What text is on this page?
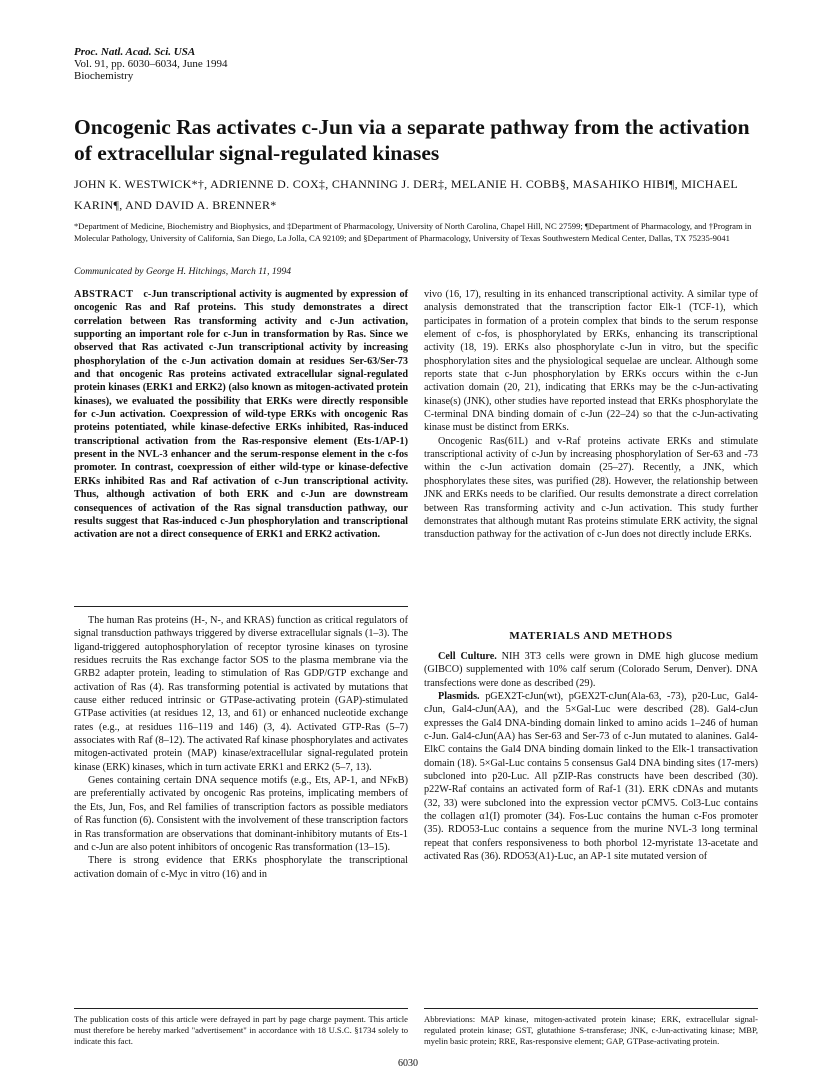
Proc. Natl. Acad. Sci. USA
Vol. 91, pp. 6030–6034, June 1994
Biochemistry
Oncogenic Ras activates c-Jun via a separate pathway from the activation of extracellular signal-regulated kinases
JOHN K. WESTWICK*†, ADRIENNE D. COX‡, CHANNING J. DER‡, MELANIE H. COBB§, MASAHIKO HIBI¶, MICHAEL KARIN¶, AND DAVID A. BRENNER*
*Department of Medicine, Biochemistry and Biophysics, and ‡Department of Pharmacology, University of North Carolina, Chapel Hill, NC 27599; ¶Department of Pharmacology, and †Program in Molecular Pathology, University of California, San Diego, La Jolla, CA 92109; and §Department of Pharmacology, University of Texas Southwestern Medical Center, Dallas, TX 75235-9041
Communicated by George H. Hitchings, March 11, 1994

ABSTRACT c-Jun transcriptional activity is augmented by expression of oncogenic Ras and Raf proteins. This study demonstrates a direct correlation between Ras transforming activity and c-Jun activation, supporting an important role for c-Jun in transformation by Ras. Since we observed that Ras activated c-Jun transcriptional activity by increasing phosphorylation of the c-Jun activation domain at residues Ser-63/Ser-73 and that oncogenic Ras proteins activated extracellular signal-regulated protein kinases (ERK1 and ERK2) (also known as mitogen-activated protein kinases), we evaluated the possibility that ERKs were directly responsible for c-Jun activation. Coexpression of wild-type ERKs with oncogenic Ras proteins potentiated, while kinase-defective ERKs inhibited, Ras-induced transcriptional activation from the Ras-responsive element (Ets-1/AP-1) present in the NVL-3 enhancer and the serum-response element in the c-fos promoter. In contrast, coexpression of either wild-type or kinase-defective ERKs inhibited Ras and Raf activation of c-Jun transcriptional activity. Thus, although activation of both ERK and c-Jun are downstream consequences of activation of the Ras signal transduction pathway, our results suggest that Ras-induced c-Jun phosphorylation and transcriptional activation are not a direct consequence of ERK1 and ERK2 activation.

The human Ras proteins (H-, N-, and KRAS) function as critical regulators of signal transduction pathways triggered by diverse extracellular signals (1–3). The ligand-triggered autophosphorylation of receptor tyrosine kinases on tyrosine residues recruits the Ras exchange factor SOS to the plasma membrane via the GRB2 adapter protein, leading to stimulation of Ras GDP/GTP exchange and activation of Ras (4). Ras transforming potential is activated by mutations that cause either reduced intrinsic or GTPase-activating protein (GAP)-stimulated GTPase activities (at residues 12, 13, and 61) or enhanced nucleotide exchange rates (e.g., at residues 116–119 and 146) (3, 4). Activated GTP-Ras (5–7) associates with Raf (8–12). The activated Raf kinase phosphorylates and activates mitogen-activated protein (MAP) kinase/extracellular signal-regulated protein kinase (ERK) kinases, which in turn activate ERK1 and ERK2 (5–7, 13).

Genes containing certain DNA sequence motifs (e.g., Ets, AP-1, and NFκB) are preferentially activated by oncogenic Ras proteins, implicating members of the Ets, Jun, Fos, and Rel families of transcription factors as possible mediators of Ras function (6). Consistent with the involvement of these transcription factors in Ras transformation are observations that dominant-inhibitory mutants of Ets-1 and c-Jun are also potent inhibitors of oncogenic Ras transformation (13–15).

There is strong evidence that ERKs phosphorylate the transcriptional activation domain of c-Myc in vitro (16) and in

vivo (16, 17), resulting in its enhanced transcriptional activity. A similar type of analysis demonstrated that the transcription factor Elk-1 (TCF-1), which participates in formation of a protein complex that binds to the serum response element of c-fos, is phosphorylated by ERKs, enhancing its transcriptional activity (18, 19). ERKs also phosphorylate c-Jun in vitro, but the specific phosphorylation sites and the physiological sequelae are unclear. Although some reports state that c-Jun phosphorylation by ERKs occurs within the c-Jun activation domain (20, 21), indicating that ERKs may be the c-Jun-activating kinase(s) (JNK), other studies have reported instead that ERKs phosphorylate the C-terminal DNA binding domain of c-Jun (22–24) so that the c-Jun-activating kinase must be distinct from ERKs.

Oncogenic Ras(61L) and v-Raf proteins activate ERKs and stimulate transcriptional activity of c-Jun by increasing phosphorylation of Ser-63 and -73 within the c-Jun activation domain (25–27). Recently, a JNK, which phosphorylates these sites, was purified (28). However, the relationship between JNK and ERKs needs to be clarified. Our results demonstrate a direct correlation between Ras transforming activity and c-Jun activation. This study further demonstrates that although mutant Ras proteins stimulate ERK activity, the signal transduction pathway for the activation of c-Jun does not directly include ERKs.

MATERIALS AND METHODS

Cell Culture. NIH 3T3 cells were grown in DME high glucose medium (GIBCO) supplemented with 10% calf serum (Colorado Serum, Denver). DNA transfections were done as described (29).

Plasmids. pGEX2T-cJun(wt), pGEX2T-cJun(Ala-63, -73), p20-Luc, Gal4-cJun, Gal4-cJun(AA), and the 5×Gal-Luc were described (28). Gal4-cJun expresses the Gal4 DNA-binding domain linked to amino acids 1–246 of human c-Jun. Gal4-cJun(AA) has Ser-63 and Ser-73 of c-Jun mutated to alanines. Gal4-ElkC contains the Gal4 DNA binding domain linked to the Elk-1 transactivation domain (18). 5×Gal-Luc contains 5 consensus Gal4 DNA binding sites (17-mers) subcloned into p20-Luc. All pZIP-Ras constructs have been described (30). p22W-Raf contains an activated form of Raf-1 (31). ERK cDNAs and mutants (32, 33) were subcloned into the expression vector pCMV5. Col3-Luc contains the collagen α1(I) promoter (34). Fos-Luc contains the human c-Fos promoter (35). RDO53-Luc contains a sequence from the murine NVL-3 long terminal repeat that confers responsiveness to both phorbol 12-myristate 13-acetate and activated Ras (36). RDO53(A1)-Luc, an AP-1 site mutated version of

The publication costs of this article were defrayed in part by page charge payment. This article must therefore be hereby marked "advertisement" in accordance with 18 U.S.C. §1734 solely to indicate this fact.
Abbreviations: MAP kinase, mitogen-activated protein kinase; ERK, extracellular signal-regulated protein kinase; GST, glutathione S-transferase; JNK, c-Jun-activating kinase; MBP, myelin basic protein; RRE, Ras-responsive element; GAP, GTPase-activating protein.
6030
